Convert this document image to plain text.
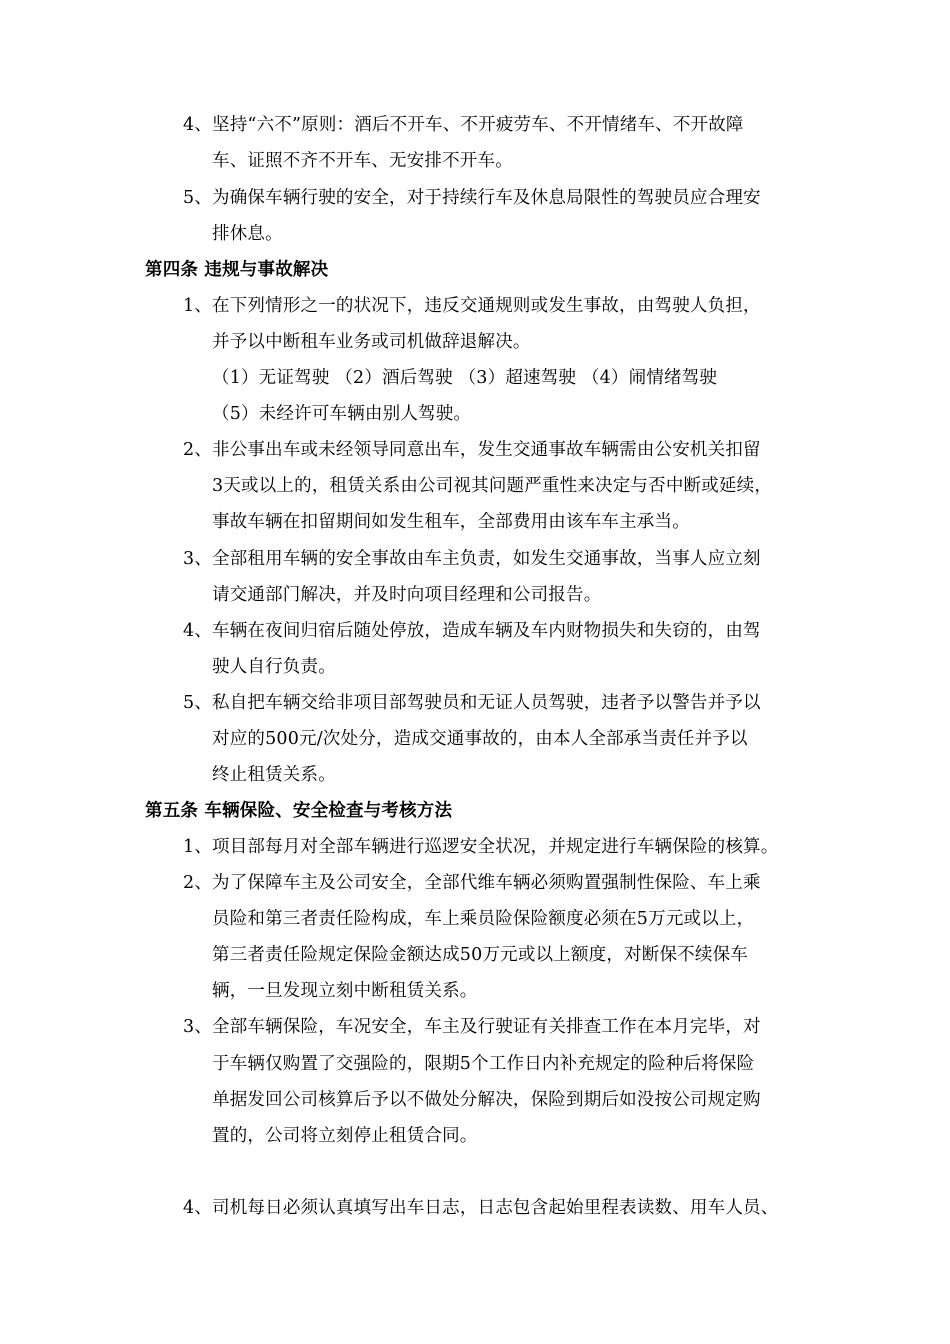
4、坚持“六不”原则：酒后不开车、不开疲劳车、不开情绪车、不开故障
车、证照不齐不开车、无安排不开车。
5、为确保车辆行驶的安全，对于持续行车及休息局限性的驾驶员应合理安
排休息。
第四条 违规与事故解决
1、在下列情形之一的状况下，违反交通规则或发生事故，由驾驶人负担，
并予以中断租车业务或司机做辞退解决。
（1）无证驾驶 （2）酒后驾驶 （3）超速驾驶 （4）闹情绪驾驶
（5）未经许可车辆由别人驾驶。
2、非公事出车或未经领导同意出车，发生交通事故车辆需由公安机关扣留
3天或以上的，租赁关系由公司视其问题严重性来决定与否中断或延续，
事故车辆在扣留期间如发生租车，全部费用由该车车主承当。
3、全部租用车辆的安全事故由车主负责，如发生交通事故，当事人应立刻
请交通部门解决，并及时向项目经理和公司报告。
4、车辆在夜间归宿后随处停放，造成车辆及车内财物损失和失窃的，由驾
驶人自行负责。
5、私自把车辆交给非项目部驾驶员和无证人员驾驶，违者予以警告并予以
对应的500元/次处分，造成交通事故的，由本人全部承当责任并予以
终止租赁关系。
第五条 车辆保险、安全检查与考核方法
1、项目部每月对全部车辆进行巡逻安全状况，并规定进行车辆保险的核算。
2、为了保障车主及公司安全，全部代维车辆必须购置强制性保险、车上乘
员险和第三者责任险构成，车上乘员险保险额度必须在5万元或以上，
第三者责任险规定保险金额达成50万元或以上额度，对断保不续保车
辆，一旦发现立刻中断租赁关系。
3、全部车辆保险，车况安全，车主及行驶证有关排查工作在本月完毕，对
于车辆仅购置了交强险的，限期5个工作日内补充规定的险种后将保险
单据发回公司核算后予以不做处分解决，保险到期后如没按公司规定购
置的，公司将立刻停止租赁合同。
4、司机每日必须认真填写出车日志，日志包含起始里程表读数、用车人员、
